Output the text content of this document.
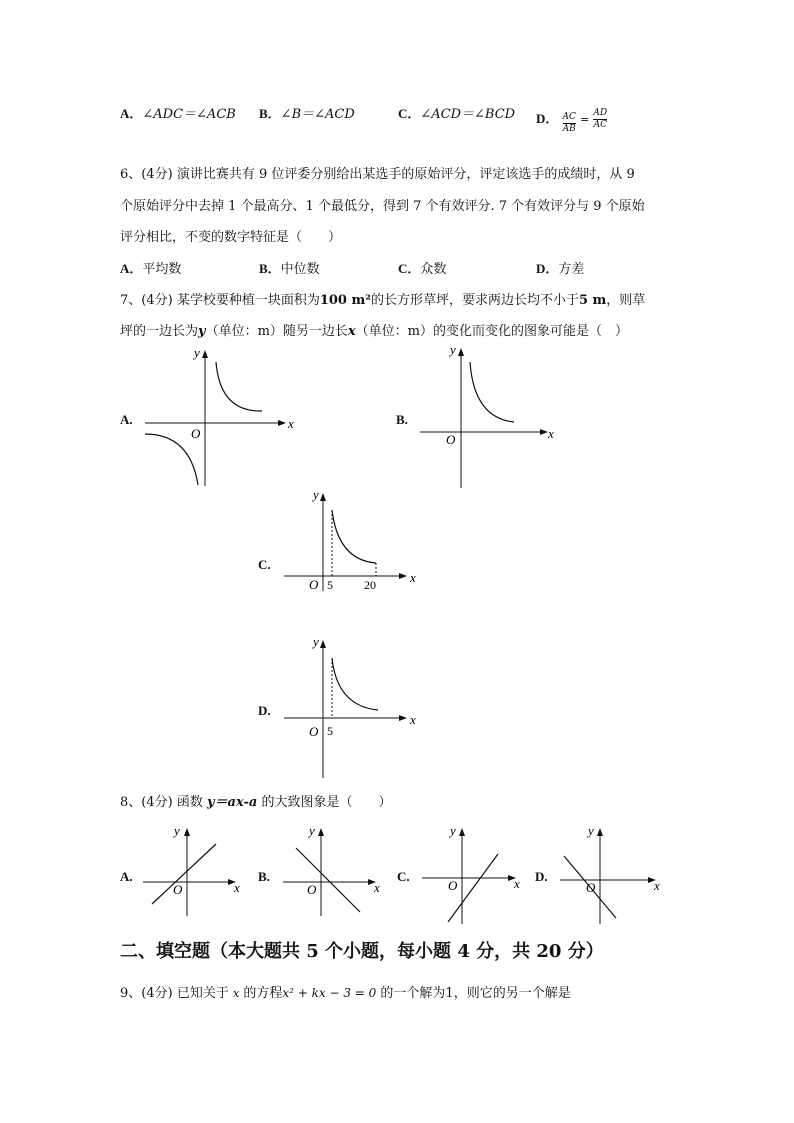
A．∠ADC＝∠ACB B．∠B＝∠ACD	C．∠ACD＝∠BCD D． $\frac{AC}{AB} = \frac{AD}{AC}$
6、(4分) 演讲比赛共有 9 位评委分别给出某选手的原始评分，评定该选手的成绩时，从 9
个原始评分中去掉 1 个最高分、1 个最低分，得到 7 个有效评分. 7 个有效评分与 9 个原始
评分相比，不变的数字特征是（　　）
A．平均数	B．中位数	C．众数	D．方差
7、(4分) 某学校要种植一块面积为100 m²的长方形草坪，要求两边长均不小于5 m，则草
坪的一边长为y（单位：m）随另一边长x（单位：m）的变化而变化的图象可能是（　）
A.
O
x
y
B.
O	x
y
C.
O 5	20	x
y
D.
O 5
x
y
8、(4分) 函数 y＝ax-a 的大致图象是（　　）
A.
O	x
y
B.
O	x
y
C.
O	x
y
D.
O	x
y
二、填空题（本大题共 5 个小题，每小题 4 分，共 20 分）
9、(4分) 已知关于 x 的方程x² + kx − 3 = 0 的一个解为1，则它的另一个解是
